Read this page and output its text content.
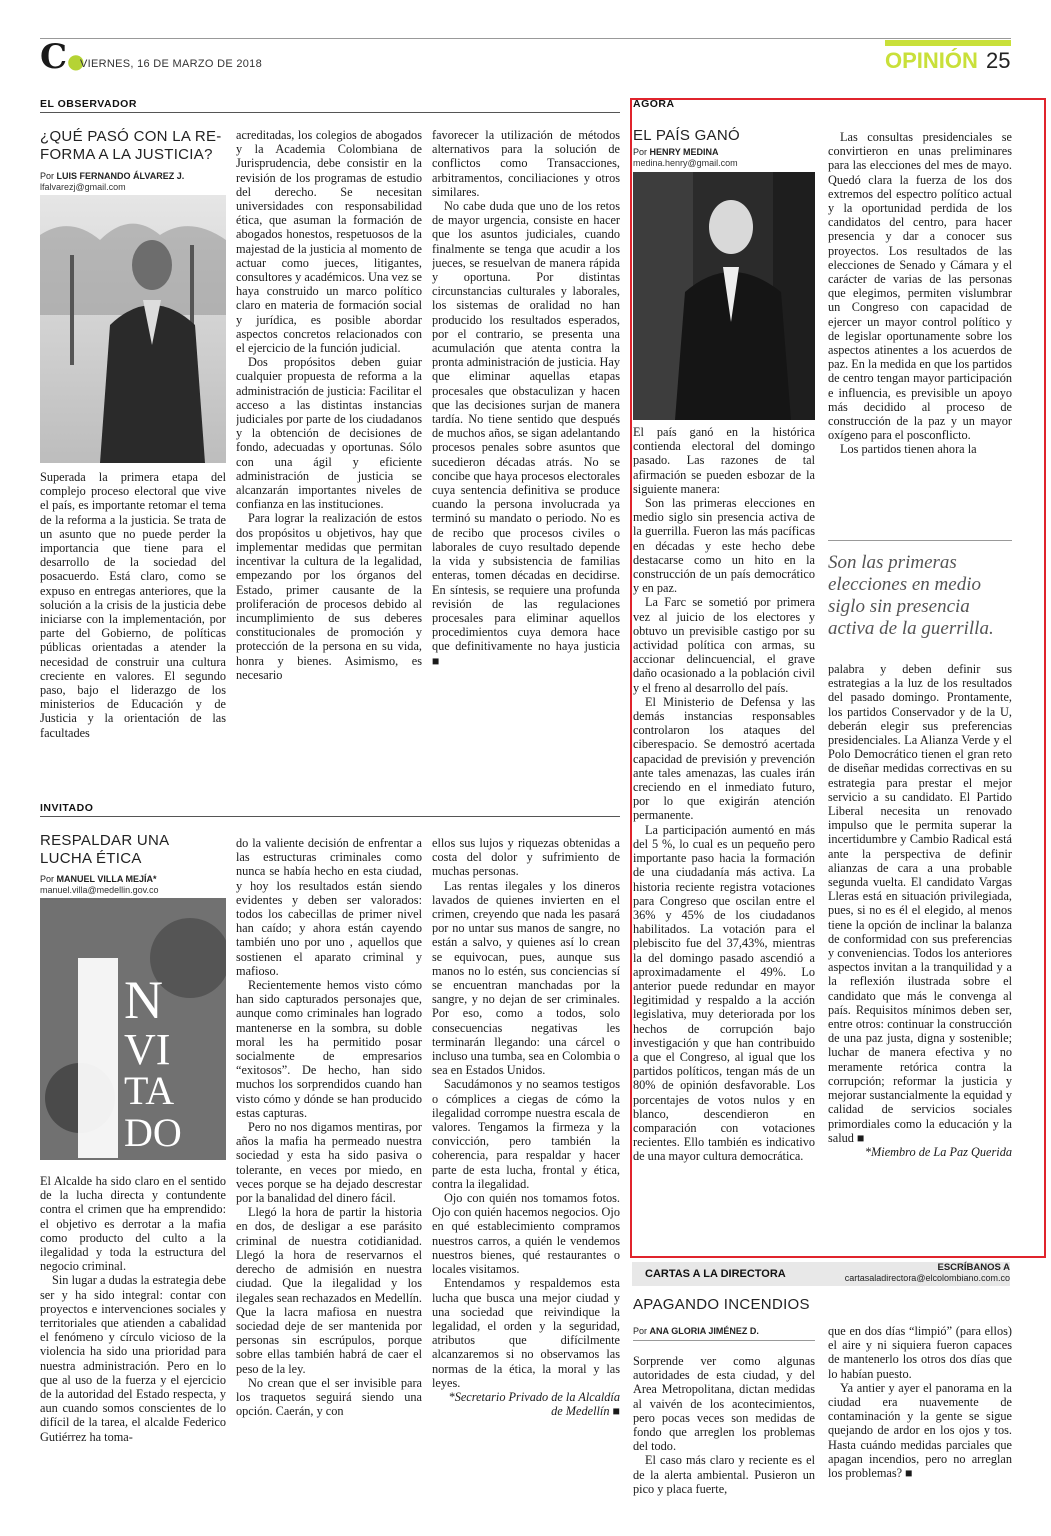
C●
VIERNES, 16 DE MARZO DE 2018	OPINIÓN 25
EL OBSERVADOR
¿QUÉ PASÓ CON LA RE-
FORMA A LA JUSTICIA?
Por LUIS FERNANDO ÁLVAREZ J.
lfalvarezj@gmail.com

Superada la primera etapa del complejo proceso electoral que vive el país, es importante retomar el tema de la reforma a la justicia. Se trata de un asunto que no puede perder la importancia que tiene para el desarrollo de la sociedad del posacuerdo. Está claro, como se expuso en entregas anteriores, que la solución a la crisis de la justicia debe iniciarse con la implementación, por parte del Gobierno, de políticas públicas orientadas a atender la necesidad de construir una cultura creciente en valores. El segundo paso, bajo el liderazgo de los ministerios de Educación y de Justicia y la orientación de las facultades

acreditadas, los colegios de abogados y la Academia Colombiana de Jurisprudencia, debe consistir en la revisión de los programas de estudio del derecho. Se necesitan universidades con responsabilidad ética, que asuman la formación de abogados honestos, respetuosos de la majestad de la justicia al momento de actuar como jueces, litigantes, consultores y académicos. Una vez se haya construido un marco político claro en materia de formación social y jurídica, es posible abordar aspectos concretos relacionados con el ejercicio de la función judicial.

Dos propósitos deben guiar cualquier propuesta de reforma a la administración de justicia: Facilitar el acceso a las distintas instancias judiciales por parte de los ciudadanos y la obtención de decisiones de fondo, adecuadas y oportunas. Sólo con una ágil y eficiente administración de justicia se alcanzarán importantes niveles de confianza en las instituciones.

Para lograr la realización de estos dos propósitos u objetivos, hay que implementar medidas que permitan incentivar la cultura de la legalidad, empezando por los órganos del Estado, primer causante de la proliferación de procesos debido al incumplimiento de sus deberes constitucionales de promoción y protección de la persona en su vida, honra y bienes. Asimismo, es necesario

favorecer la utilización de métodos alternativos para la solución de conflictos como Transacciones, arbitramentos, conciliaciones y otros similares.

No cabe duda que uno de los retos de mayor urgencia, consiste en hacer que los asuntos judiciales, cuando finalmente se tenga que acudir a los jueces, se resuelvan de manera rápida y oportuna. Por distintas circunstancias culturales y laborales, los sistemas de oralidad no han producido los resultados esperados, por el contrario, se presenta una acumulación que atenta contra la pronta administración de justicia. Hay que eliminar aquellas etapas procesales que obstaculizan y hacen que las decisiones surjan de manera tardía. No tiene sentido que después de muchos años, se sigan adelantando procesos penales sobre asuntos que sucedieron décadas atrás. No se concibe que haya procesos electorales cuya sentencia definitiva se produce cuando la persona involucrada ya terminó su mandato o periodo. No es de recibo que procesos civiles o laborales de cuyo resultado depende la vida y subsistencia de familias enteras, tomen décadas en decidirse. En síntesis, se requiere una profunda revisión de las regulaciones procesales para eliminar aquellos procedimientos cuya demora hace que definitivamente no haya justicia ■

INVITADO
RESPALDAR UNA
LUCHA ÉTICA
Por MANUEL VILLA MEJÍA*
manuel.villa@medellin.gov.co
N
VI
TA
DO

El Alcalde ha sido claro en el sentido de la lucha directa y contundente contra el crimen que ha emprendido: el objetivo es derrotar a la mafia como producto del culto a la ilegalidad y toda la estructura del negocio criminal.

Sin lugar a dudas la estrategia debe ser y ha sido integral: contar con proyectos e intervenciones sociales y territoriales que atienden a cabalidad el fenómeno y círculo vicioso de la violencia ha sido una prioridad para nuestra administración. Pero en lo que al uso de la fuerza y el ejercicio de la autoridad del Estado respecta, y aun cuando somos conscientes de lo difícil de la tarea, el alcalde Federico Gutiérrez ha toma-

do la valiente decisión de enfrentar a las estructuras criminales como nunca se había hecho en esta ciudad, y hoy los resultados están siendo evidentes y deben ser valorados: todos los cabecillas de primer nivel han caído; y ahora están cayendo también uno por uno , aquellos que sostienen el aparato criminal y mafioso.

Recientemente hemos visto cómo han sido capturados personajes que, aunque como criminales han logrado mantenerse en la sombra, su doble moral les ha permitido posar socialmente de empresarios “exitosos”. De hecho, han sido muchos los sorprendidos cuando han visto cómo y dónde se han producido estas capturas.

Pero no nos digamos mentiras, por años la mafia ha permeado nuestra sociedad y esta ha sido pasiva o tolerante, en veces por miedo, en veces porque se ha dejado descrestar por la banalidad del dinero fácil.

Llegó la hora de partir la historia en dos, de desligar a ese parásito criminal de nuestra cotidianidad. Llegó la hora de reservarnos el derecho de admisión en nuestra ciudad. Que la ilegalidad y los ilegales sean rechazados en Medellín. Que la lacra mafiosa en nuestra sociedad deje de ser mantenida por personas sin escrúpulos, porque sobre ellas también habrá de caer el peso de la ley.

No crean que el ser invisible para los traquetos seguirá siendo una opción. Caerán, y con

ellos sus lujos y riquezas obtenidas a costa del dolor y sufrimiento de muchas personas.

Las rentas ilegales y los dineros lavados de quienes invierten en el crimen, creyendo que nada les pasará por no untar sus manos de sangre, no están a salvo, y quienes así lo crean se equivocan, pues, aunque sus manos no lo estén, sus conciencias sí se encuentran manchadas por la sangre, y no dejan de ser criminales. Por eso, como a todos, solo consecuencias negativas les terminarán llegando: una cárcel o incluso una tumba, sea en Colombia o sea en Estados Unidos.

Sacudámonos y no seamos testigos o cómplices a ciegas de cómo la ilegalidad corrompe nuestra escala de valores. Tengamos la firmeza y la convicción, pero también la coherencia, para respaldar y hacer parte de esta lucha, frontal y ética, contra la ilegalidad.

Ojo con quién nos tomamos fotos. Ojo con quién hacemos negocios. Ojo en qué establecimiento compramos nuestros carros, a quién le vendemos nuestros bienes, qué restaurantes o locales visitamos.

Entendamos y respaldemos esta lucha que busca una mejor ciudad y una sociedad que reivindique la legalidad, el orden y la seguridad, atributos que difícilmente alcanzaremos si no observamos las normas de la ética, la moral y las leyes.

*Secretario Privado de la Alcaldía de Medellín ■

ÁGORA
EL PAÍS GANÓ
Por HENRY MEDINA
medina.henry@gmail.com

El país ganó en la histórica contienda electoral del domingo pasado. Las razones de tal afirmación se pueden esbozar de la siguiente manera:

Son las primeras elecciones en medio siglo sin presencia activa de la guerrilla. Fueron las más pacíficas en décadas y este hecho debe destacarse como un hito en la construcción de un país democrático y en paz.

La Farc se sometió por primera vez al juicio de los electores y obtuvo un previsible castigo por su actividad política con armas, su accionar delincuencial, el grave daño ocasionado a la población civil y el freno al desarrollo del país.

El Ministerio de Defensa y las demás instancias responsables controlaron los ataques del ciberespacio. Se demostró acertada capacidad de previsión y prevención ante tales amenazas, las cuales irán creciendo en el inmediato futuro, por lo que exigirán atención permanente.

La participación aumentó en más del 5 %, lo cual es un pequeño pero importante paso hacia la formación de una ciudadanía más activa. La historia reciente registra votaciones para Congreso que oscilan entre el 36% y 45% de los ciudadanos habilitados. La votación para el plebiscito fue del 37,43%, mientras la del domingo pasado ascendió a aproximadamente el 49%. Lo anterior puede redundar en mayor legitimidad y respaldo a la acción legislativa, muy deteriorada por los hechos de corrupción bajo investigación y que han contribuido a que el Congreso, al igual que los partidos políticos, tengan más de un 80% de opinión desfavorable. Los porcentajes de votos nulos y en blanco, descendieron en comparación con votaciones recientes. Ello también es indicativo de una mayor cultura democrática.

Las consultas presidenciales se convirtieron en unas preliminares para las elecciones del mes de mayo. Quedó clara la fuerza de los dos extremos del espectro político actual y la oportunidad perdida de los candidatos del centro, para hacer presencia y dar a conocer sus proyectos. Los resultados de las elecciones de Senado y Cámara y el carácter de varias de las personas que elegimos, permiten vislumbrar un Congreso con capacidad de ejercer un mayor control político y de legislar oportunamente sobre los aspectos atinentes a los acuerdos de paz. En la medida en que los partidos de centro tengan mayor participación e influencia, es previsible un apoyo más decidido al proceso de construcción de la paz y un mayor oxígeno para el posconflicto.

Los partidos tienen ahora la

Son las primeras elecciones en medio siglo sin presencia activa de la guerrilla.

palabra y deben definir sus estrategias a la luz de los resultados del pasado domingo. Prontamente, los partidos Conservador y de la U, deberán elegir sus preferencias presidenciales. La Alianza Verde y el Polo Democrático tienen el gran reto de diseñar medidas correctivas en su estrategia para prestar el mejor servicio a su candidato. El Partido Liberal necesita un renovado impulso que le permita superar la incertidumbre y Cambio Radical está ante la perspectiva de definir alianzas de cara a una probable segunda vuelta. El candidato Vargas Lleras está en situación privilegiada, pues, si no es él el elegido, al menos tiene la opción de inclinar la balanza de conformidad con sus preferencias y conveniencias. Todos los anteriores aspectos invitan a la tranquilidad y a la reflexión ilustrada sobre el candidato que más le convenga al país. Requisitos mínimos deben ser, entre otros: continuar la construcción de una paz justa, digna y sostenible; luchar de manera efectiva y no meramente retórica contra la corrupción; reformar la justicia y mejorar sustancialmente la equidad y calidad de servicios sociales primordiales como la educación y la salud ■

*Miembro de La Paz Querida

CARTAS A LA DIRECTORA
ESCRÍBANOS A
cartasaladirectora@elcolombiano.com.co
APAGANDO INCENDIOS
Por ANA GLORIA JIMÉNEZ D.

Sorprende ver como algunas autoridades de esta ciudad, y del Area Metropolitana, dictan medidas al vaivén de los acontecimientos, pero pocas veces son medidas de fondo que arreglen los problemas del todo.

El caso más claro y reciente es el de la alerta ambiental. Pusieron un pico y placa fuerte,

que en dos días “limpió” (para ellos) el aire y ni siquiera fueron capaces de mantenerlo los otros dos días que lo habían puesto.

Ya antier y ayer el panorama en la ciudad era nuavemente de contaminación y la gente se sigue quejando de ardor en los ojos y tos. Hasta cuándo medidas parciales que apagan incendios, pero no arreglan los problemas? ■
